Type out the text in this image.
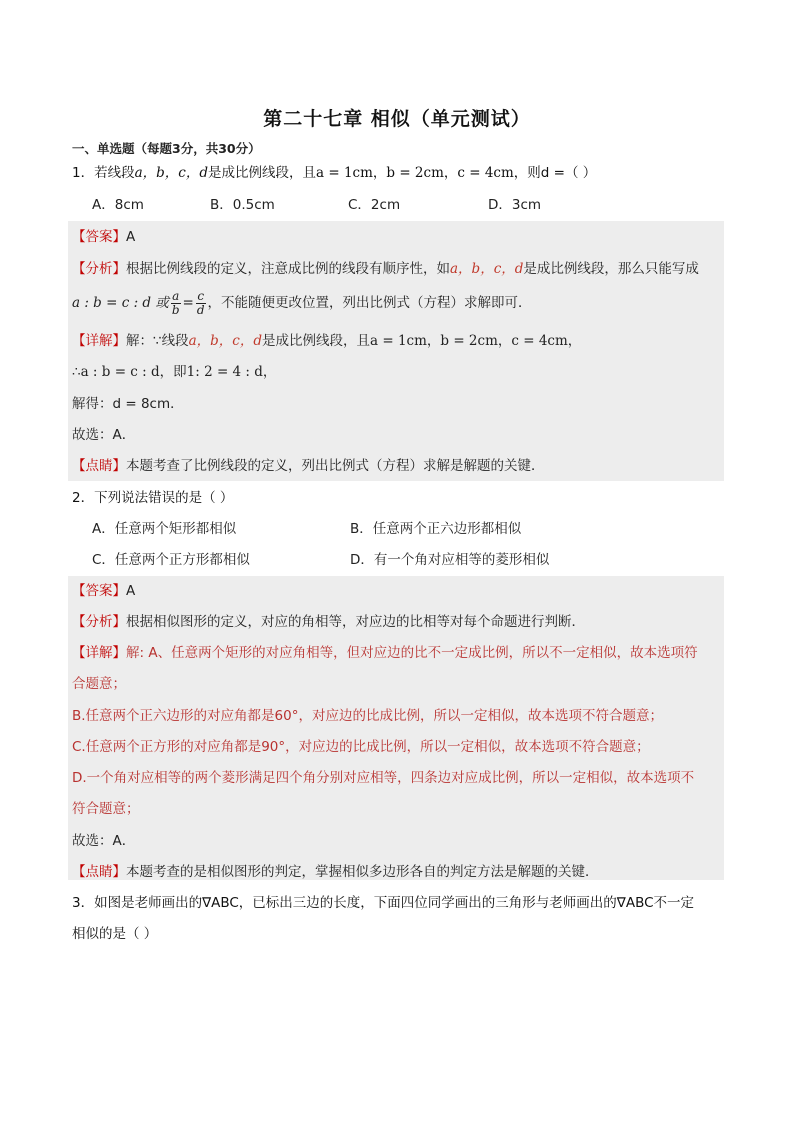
第二十七章 相似（单元测试）
一、单选题（每题3分，共30分）
1．若线段a，b，c，d是成比例线段，且a = 1cm，b = 2cm，c = 4cm，则d =（ ）
A．8cm	B．0.5cm	C．2cm	D．3cm
【答案】A
【分析】根据比例线段的定义，注意成比例的线段有顺序性，如a，b，c，d是成比例线段，那么只能写成
a : b = c : d 或 $\frac{a}{b} = \frac{c}{d}$ ，不能随便更改位置，列出比例式（方程）求解即可．
【详解】解：∵线段a，b，c，d是成比例线段，且a = 1cm，b = 2cm，c = 4cm，
∴a : b = c : d，即1: 2 = 4 : d，
解得：d = 8cm．
故选：A．
【点睛】本题考查了比例线段的定义，列出比例式（方程）求解是解题的关键．
2．下列说法错误的是（ ）
A．任意两个矩形都相似	B．任意两个正六边形都相似
C．任意两个正方形都相似	D．有一个角对应相等的菱形相似
【答案】A
【分析】根据相似图形的定义，对应的角相等，对应边的比相等对每个命题进行判断．
【详解】解: A、任意两个矩形的对应角相等，但对应边的比不一定成比例，所以不一定相似，故本选项符
合题意；
B.任意两个正六边形的对应角都是60°，对应边的比成比例，所以一定相似，故本选项不符合题意；
C.任意两个正方形的对应角都是90°，对应边的比成比例，所以一定相似，故本选项不符合题意；
D.一个角对应相等的两个菱形满足四个角分别对应相等，四条边对应成比例，所以一定相似，故本选项不
符合题意；
故选：A．
【点睛】本题考查的是相似图形的判定，掌握相似多边形各自的判定方法是解题的关键．
3．如图是老师画出的∇ABC，已标出三边的长度，下面四位同学画出的三角形与老师画出的∇ABC不一定
相似的是（ ）
